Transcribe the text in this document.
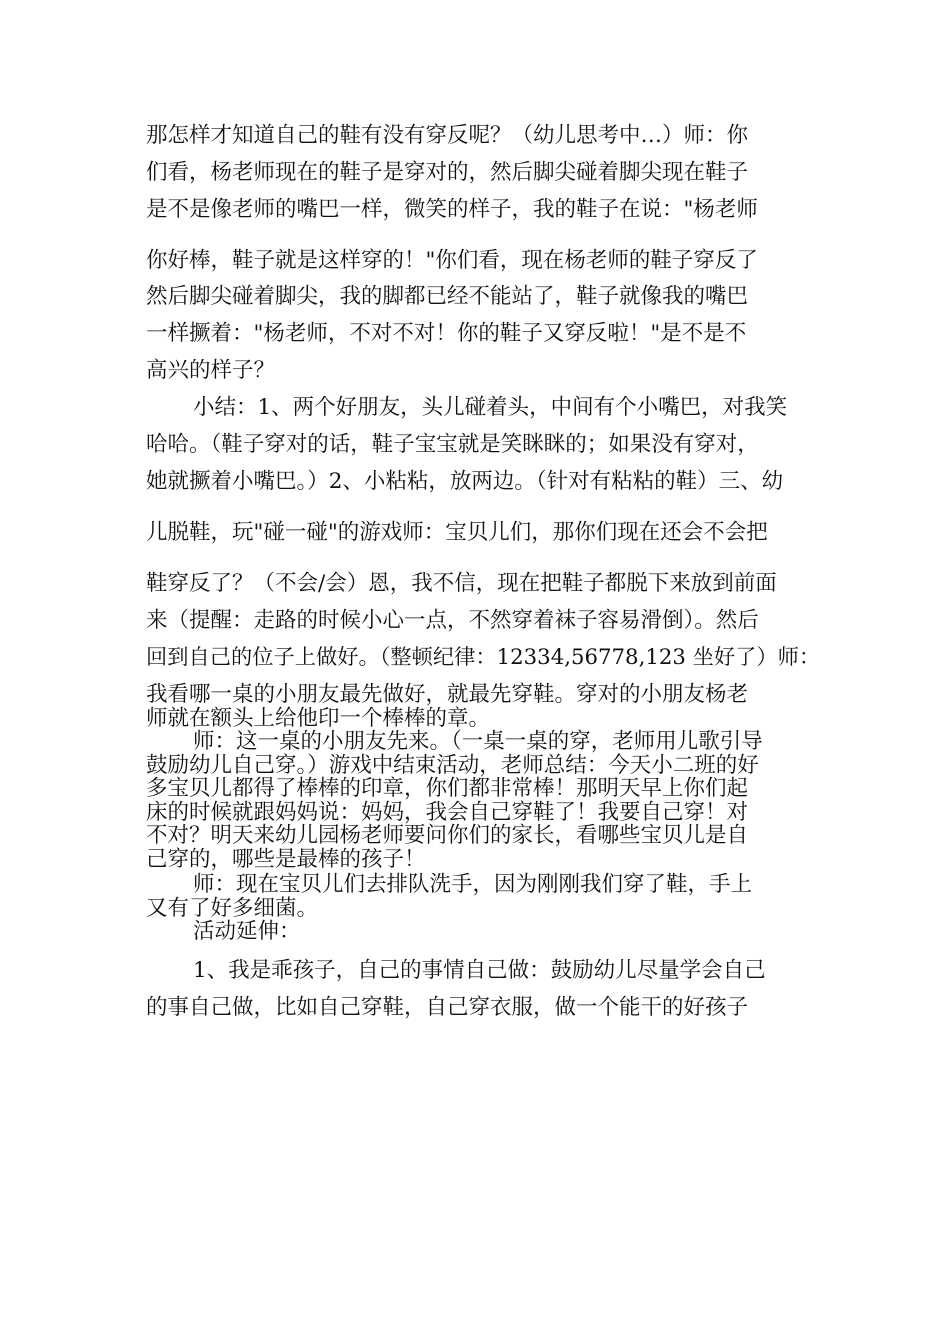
那怎样才知道自己的鞋有没有穿反呢？（幼儿思考中…）师：你
们看，杨老师现在的鞋子是穿对的，然后脚尖碰着脚尖现在鞋子
是不是像老师的嘴巴一样，微笑的样子，我的鞋子在说："杨老师
你好棒，鞋子就是这样穿的！"你们看，现在杨老师的鞋子穿反了
然后脚尖碰着脚尖，我的脚都已经不能站了，鞋子就像我的嘴巴
一样撅着："杨老师，不对不对！你的鞋子又穿反啦！"是不是不
高兴的样子？
小结：1、两个好朋友，头儿碰着头，中间有个小嘴巴，对我笑
哈哈。（鞋子穿对的话，鞋子宝宝就是笑眯眯的；如果没有穿对，
她就撅着小嘴巴。）2、小粘粘，放两边。（针对有粘粘的鞋）三、幼
儿脱鞋，玩"碰一碰"的游戏师：宝贝儿们，那你们现在还会不会把
鞋穿反了？（不会/会）恩，我不信，现在把鞋子都脱下来放到前面
来（提醒：走路的时候小心一点，不然穿着袜子容易滑倒）。然后
回到自己的位子上做好。（整顿纪律：12334,56778,123 坐好了）师：
我看哪一桌的小朋友最先做好，就最先穿鞋。穿对的小朋友杨老
师就在额头上给他印一个棒棒的章。
师：这一桌的小朋友先来。（一桌一桌的穿，老师用儿歌引导
鼓励幼儿自己穿。）游戏中结束活动，老师总结：今天小二班的好
多宝贝儿都得了棒棒的印章，你们都非常棒！那明天早上你们起
床的时候就跟妈妈说：妈妈，我会自己穿鞋了！我要自己穿！对
不对？明天来幼儿园杨老师要问你们的家长，看哪些宝贝儿是自
己穿的，哪些是最棒的孩子！
师：现在宝贝儿们去排队洗手，因为刚刚我们穿了鞋，手上
又有了好多细菌。
活动延伸：
1、我是乖孩子，自己的事情自己做：鼓励幼儿尽量学会自己
的事自己做，比如自己穿鞋，自己穿衣服，做一个能干的好孩子
